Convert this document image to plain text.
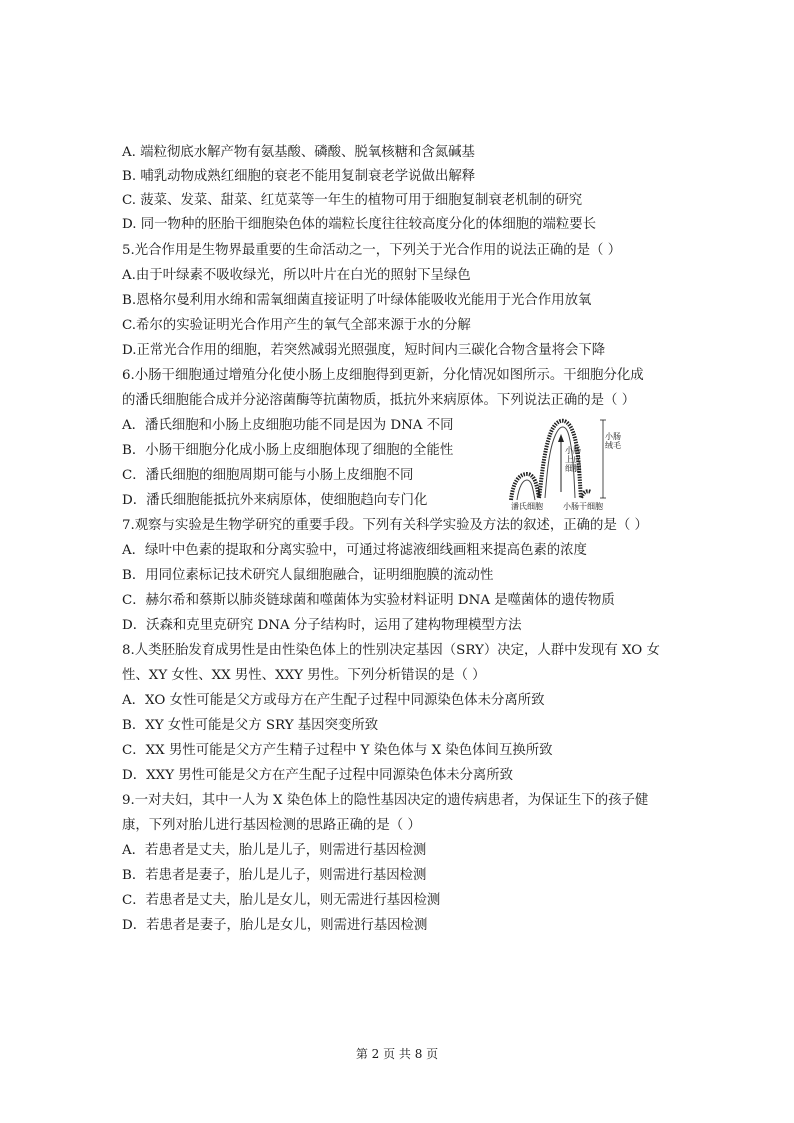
A. 端粒彻底水解产物有氨基酸、磷酸、脱氧核糖和含氮碱基
B. 哺乳动物成熟红细胞的衰老不能用复制衰老学说做出解释
C. 菠菜、发菜、甜菜、红苋菜等一年生的植物可用于细胞复制衰老机制的研究
D. 同一物种的胚胎干细胞染色体的端粒长度往往较高度分化的体细胞的端粒要长
5.光合作用是生物界最重要的生命活动之一，下列关于光合作用的说法正确的是（ ）
A.由于叶绿素不吸收绿光，所以叶片在白光的照射下呈绿色
B.恩格尔曼利用水绵和需氧细菌直接证明了叶绿体能吸收光能用于光合作用放氧
C.希尔的实验证明光合作用产生的氧气全部来源于水的分解
D.正常光合作用的细胞，若突然减弱光照强度，短时间内三碳化合物含量将会下降
6.小肠干细胞通过增殖分化使小肠上皮细胞得到更新，分化情况如图所示。干细胞分化成
的潘氏细胞能合成并分泌溶菌酶等抗菌物质，抵抗外来病原体。下列说法正确的是（ ）
A．潘氏细胞和小肠上皮细胞功能不同是因为 DNA 不同
B．小肠干细胞分化成小肠上皮细胞体现了细胞的全能性
C．潘氏细胞的细胞周期可能与小肠上皮细胞不同
D．潘氏细胞能抵抗外来病原体，使细胞趋向专门化
小肠绒毛
小肠上皮细胞
潘氏细胞	小肠干细胞
7.观察与实验是生物学研究的重要手段。下列有关科学实验及方法的叙述，正确的是（ ）
A．绿叶中色素的提取和分离实验中，可通过将滤液细线画粗来提高色素的浓度
B．用同位素标记技术研究人鼠细胞融合，证明细胞膜的流动性
C．赫尔希和蔡斯以肺炎链球菌和噬菌体为实验材料证明 DNA 是噬菌体的遗传物质
D．沃森和克里克研究 DNA 分子结构时，运用了建构物理模型方法
8.人类胚胎发育成男性是由性染色体上的性别决定基因（SRY）决定，人群中发现有 XO 女
性、XY 女性、XX 男性、XXY 男性。下列分析错误的是（ ）
A．XO 女性可能是父方或母方在产生配子过程中同源染色体未分离所致
B．XY 女性可能是父方 SRY 基因突变所致
C．XX 男性可能是父方产生精子过程中 Y 染色体与 X 染色体间互换所致
D．XXY 男性可能是父方在产生配子过程中同源染色体未分离所致
9.一对夫妇，其中一人为 X 染色体上的隐性基因决定的遗传病患者，为保证生下的孩子健
康，下列对胎儿进行基因检测的思路正确的是（ ）
A．若患者是丈夫，胎儿是儿子，则需进行基因检测
B．若患者是妻子，胎儿是儿子，则需进行基因检测
C．若患者是丈夫，胎儿是女儿，则无需进行基因检测
D．若患者是妻子，胎儿是女儿，则需进行基因检测
第 2 页 共 8 页
